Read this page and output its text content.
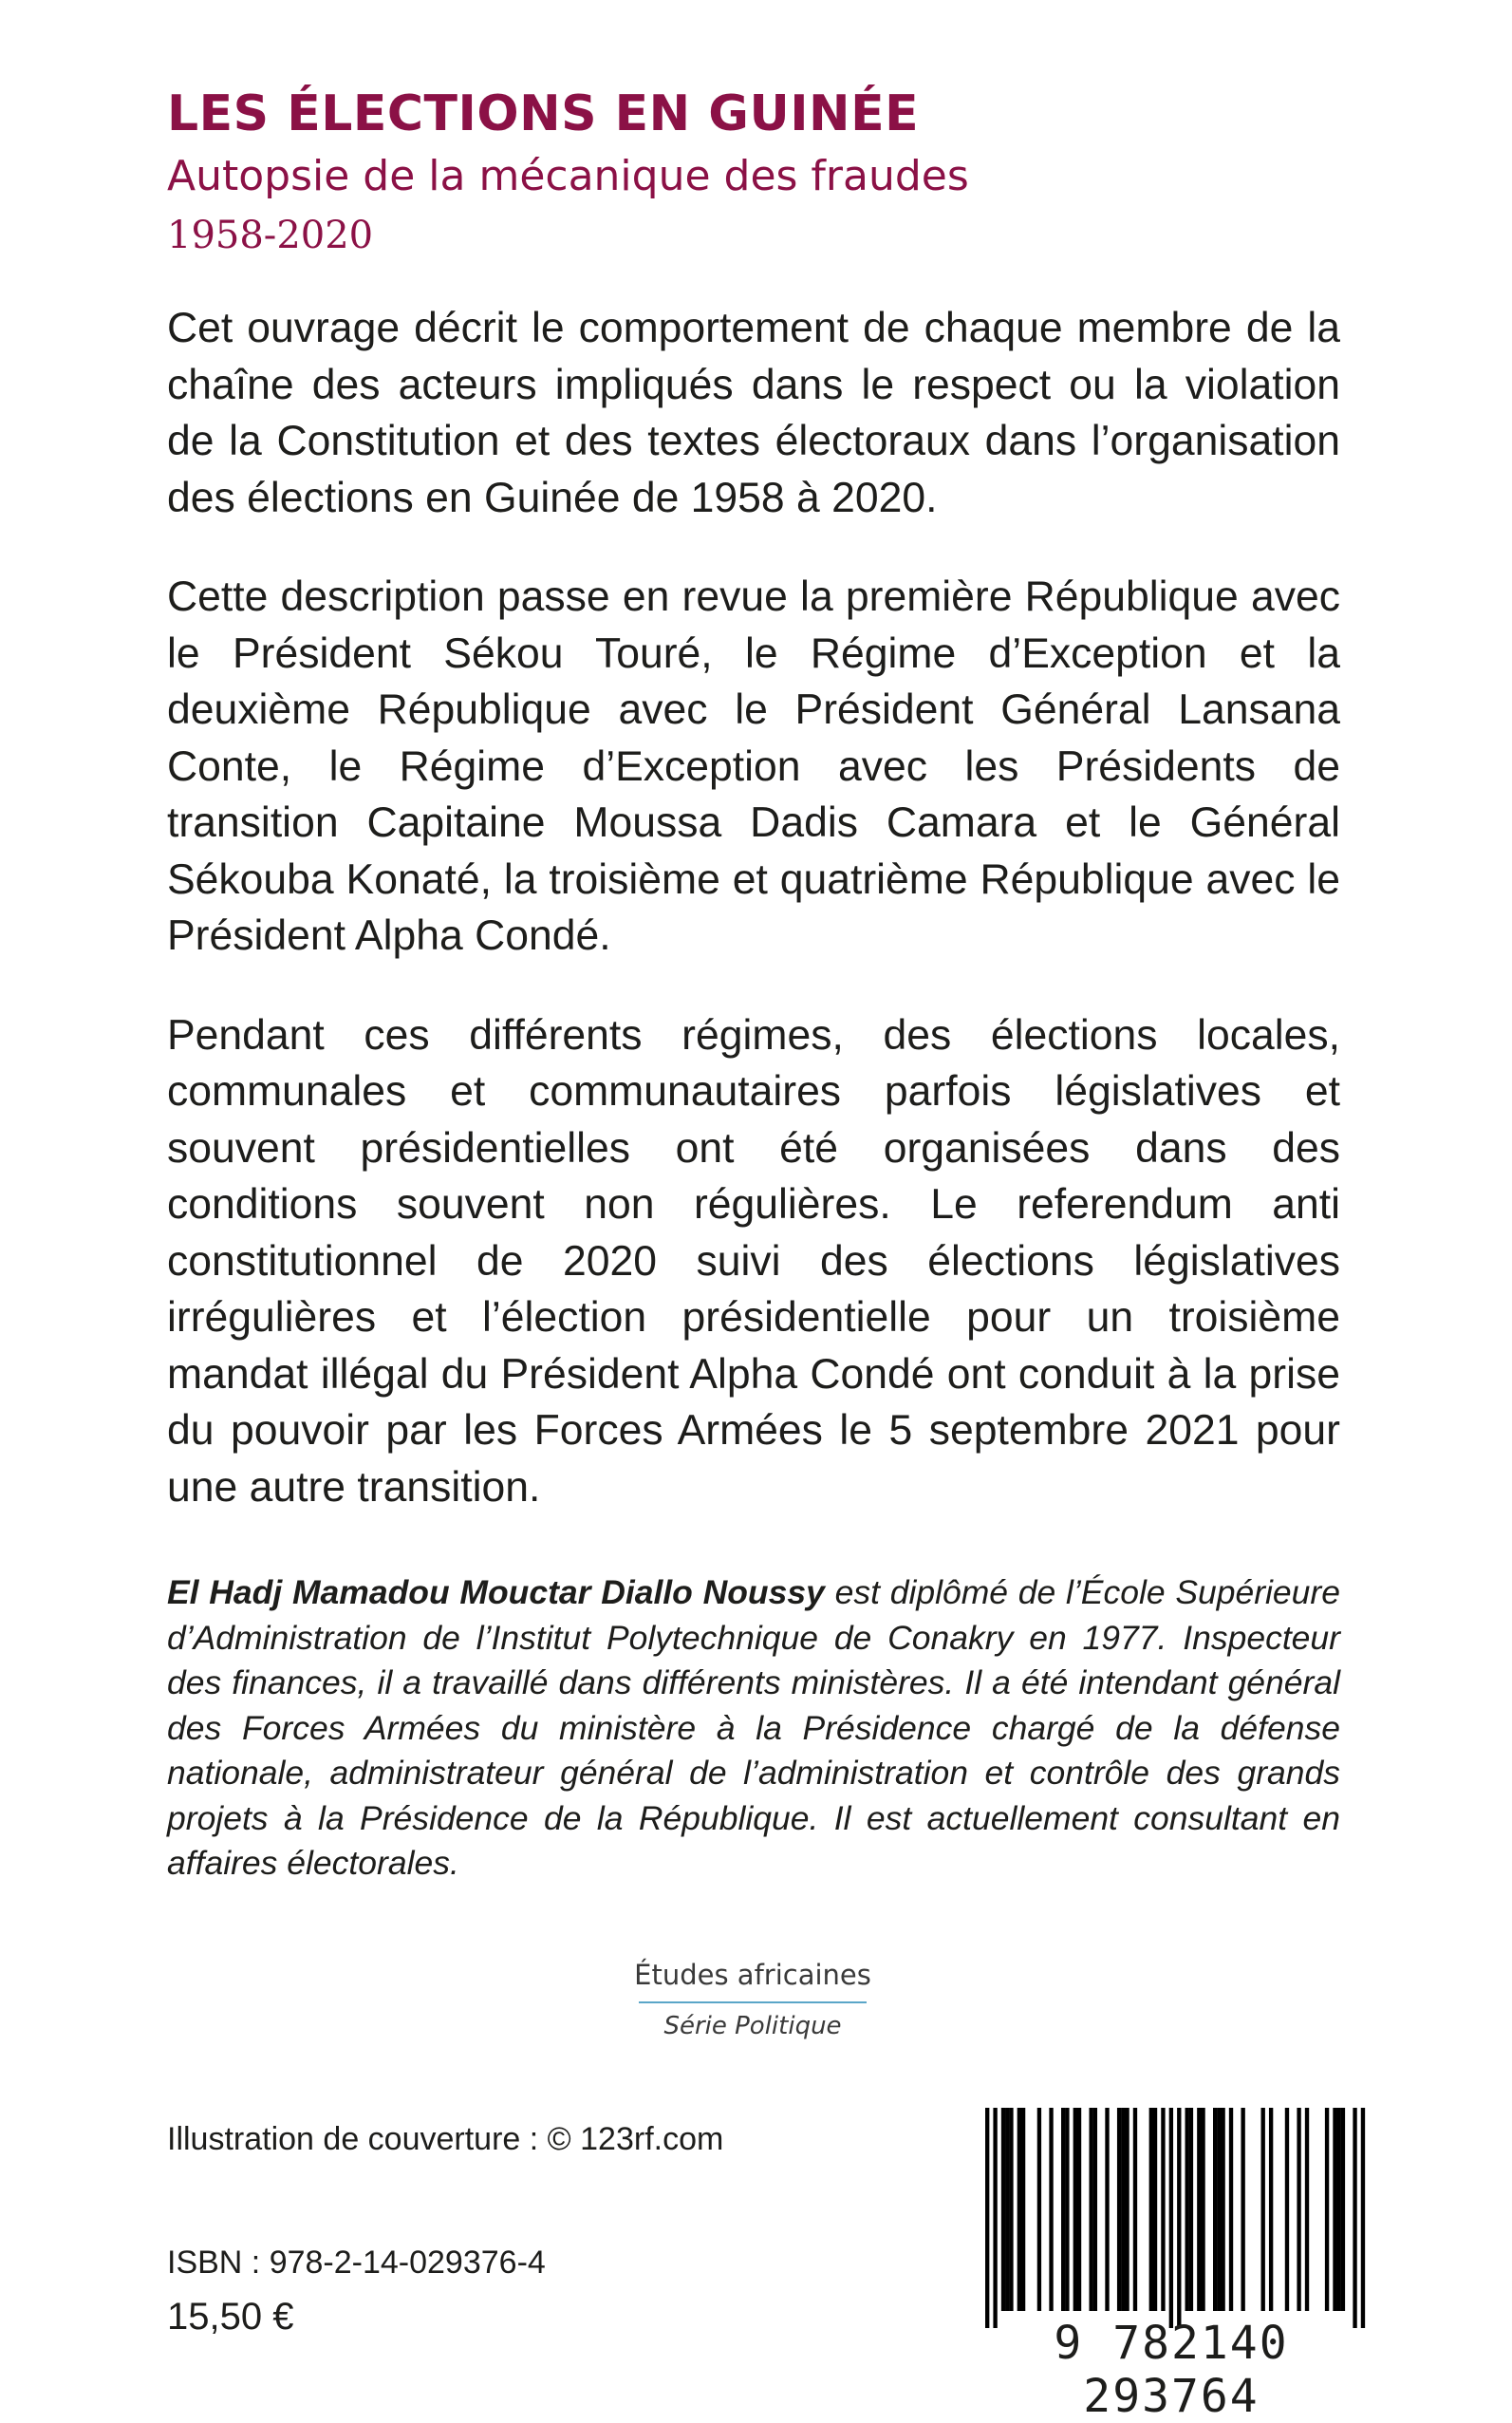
LES ÉLECTIONS EN GUINÉE
Autopsie de la mécanique des fraudes
1958-2020

Cet ouvrage décrit le comportement de chaque membre de la chaîne des acteurs impliqués dans le respect ou la violation de la Constitution et des textes électoraux dans l’organisation des élections en Guinée de 1958 à 2020.

Cette description passe en revue la première République avec le Président Sékou Touré, le Régime d’Exception et la deuxième République avec le Président Général Lansana Conte, le Régime d’Exception avec les Présidents de transition Capitaine Moussa Dadis Camara et le Général Sékouba Konaté, la troisième et quatrième République avec le Président Alpha Condé.

Pendant ces différents régimes, des élections locales, communales et communautaires parfois législatives et souvent présidentielles ont été organisées dans des conditions souvent non régulières. Le referendum anti constitutionnel de 2020 suivi des élections législatives irrégulières et l’élection présidentielle pour un troisième mandat illégal du Président Alpha Condé ont conduit à la prise du pouvoir par les Forces Armées le 5 septembre 2021 pour une autre transition.

El Hadj Mamadou Mouctar Diallo Noussy est diplômé de l’École Supérieure d’Administration de l’Institut Polytechnique de Conakry en 1977. Inspecteur des finances, il a travaillé dans différents ministères. Il a été intendant général des Forces Armées du ministère à la Présidence chargé de la défense nationale, administrateur général de l’administration et contrôle des grands projets à la Présidence de la République. Il est actuellement consultant en affaires électorales.
Études africaines
Série Politique

Illustration de couverture : © 123rf.com

ISBN : 978-2-14-029376-4

15,50 €	9 782140 293764
